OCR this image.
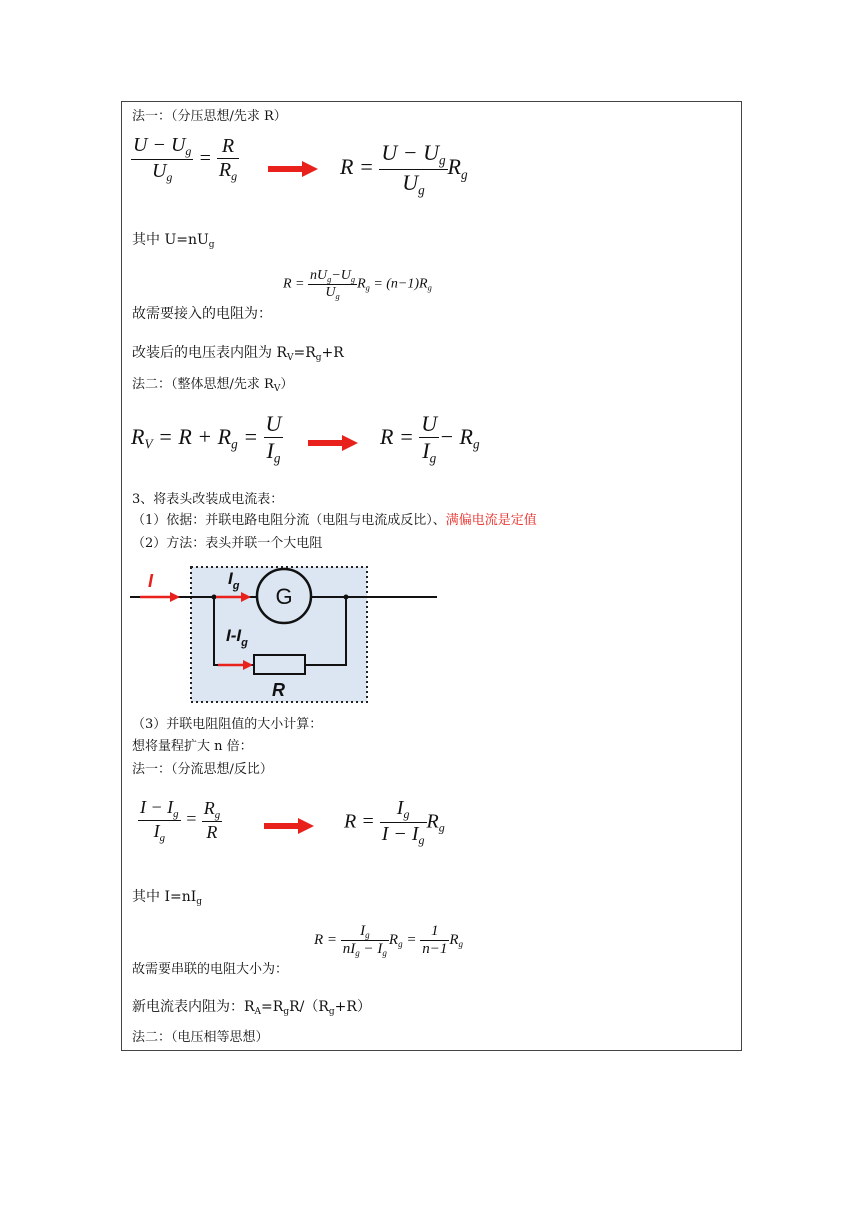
法一：（分压思想/先求 R）
$\frac{U - U_g}{U_g} = \frac{R}{R_g}$	$R = \frac{U - U_g}{U_g} R_g$
其中 $U=nU_g$
$R = \frac{nU_g-U_g}{U_g} R_g = (n-1)R_g$
故需要接入的电阻为：
改装后的电压表内阻为 $R_V=R_g+R$
法二：（整体思想/先求 $R_V$）
$R_V = R + R_g = \frac{U}{I_g}$	$R = \frac{U}{I_g} - R_g$
3、将表头改装成电流表：
（1）依据：并联电路电阻分流（电阻与电流成反比）、满偏电流是定值
（2）方法：表头并联一个大电阻
G
I	$I_g$
$I-I_g$
R
（3）并联电阻阻值的大小计算：
想将量程扩大 n 倍：
法一：（分流思想/反比）
$\frac{I - I_g}{I_g} = \frac{R_g}{R}$	$R = \frac{I_g}{I - I_g} R_g$
其中 $I=nI_g$
$R = \frac{I_g}{nI_g - I_g} R_g = \frac{1}{n-1} R_g$
故需要串联的电阻大小为：
新电流表内阻为：$R_A=R_gR/(R_g+R)$
法二：（电压相等思想）
